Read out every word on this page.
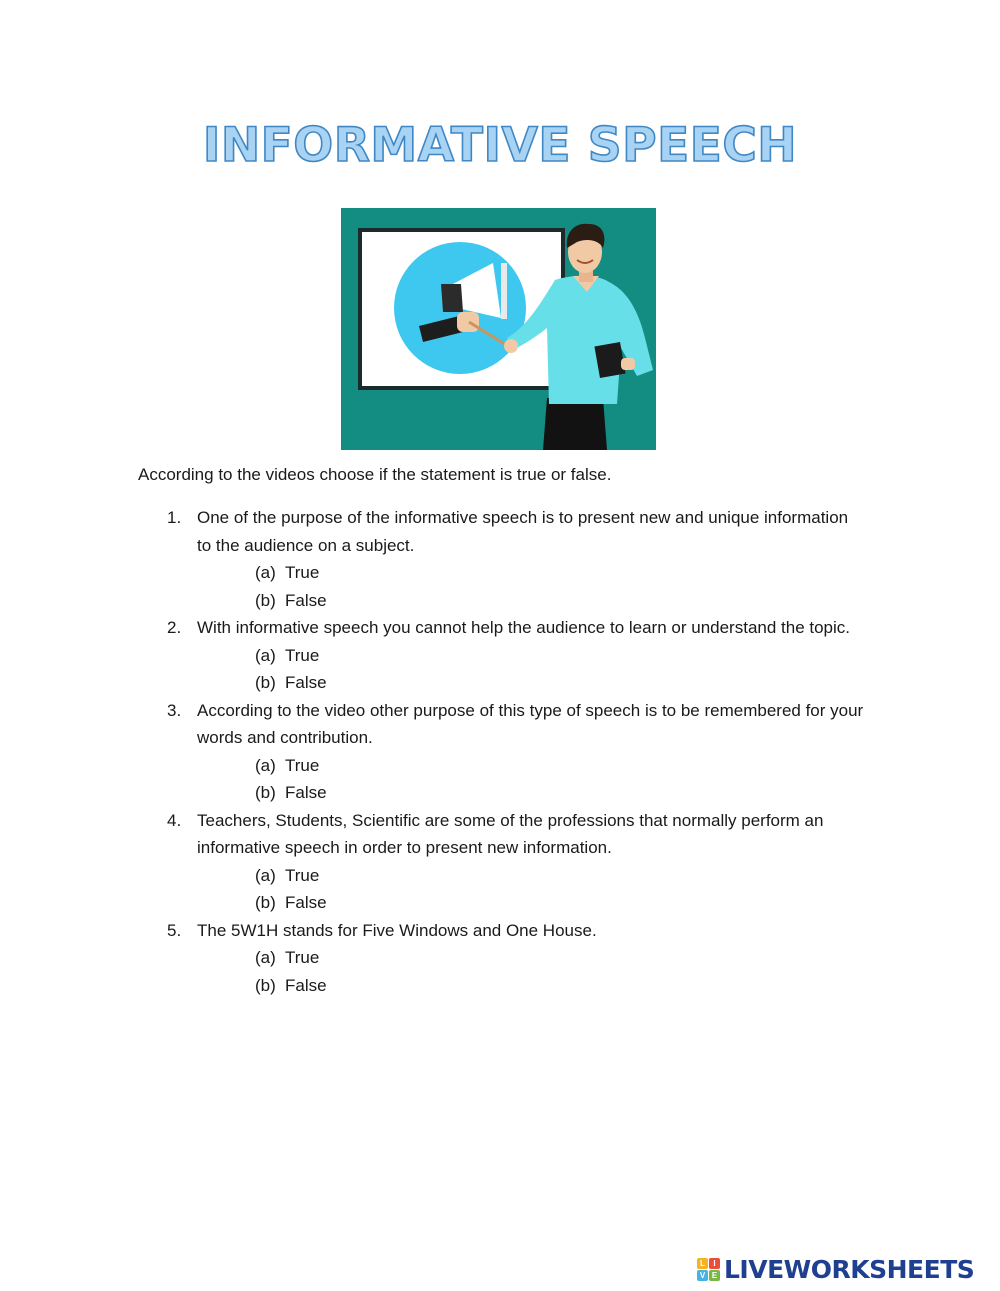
INFORMATIVE SPEECH

According to the videos choose if the statement is true or false.

1. One of the purpose of the informative speech is to present new and unique information to the audience on a subject.
(a) True
(b) False
2. With informative speech you cannot help the audience to learn or understand the topic.
(a) True
(b) False
3. According to the video other purpose of this type of speech is to be remembered for your words and contribution.
(a) True
(b) False
4. Teachers, Students, Scientific are some of the professions that normally perform an informative speech in order to present new information.
(a) True
(b) False
5. The 5W1H stands for Five Windows and One House.
(a) True
(b) False
L	I
V E LIVEWORKSHEETS
